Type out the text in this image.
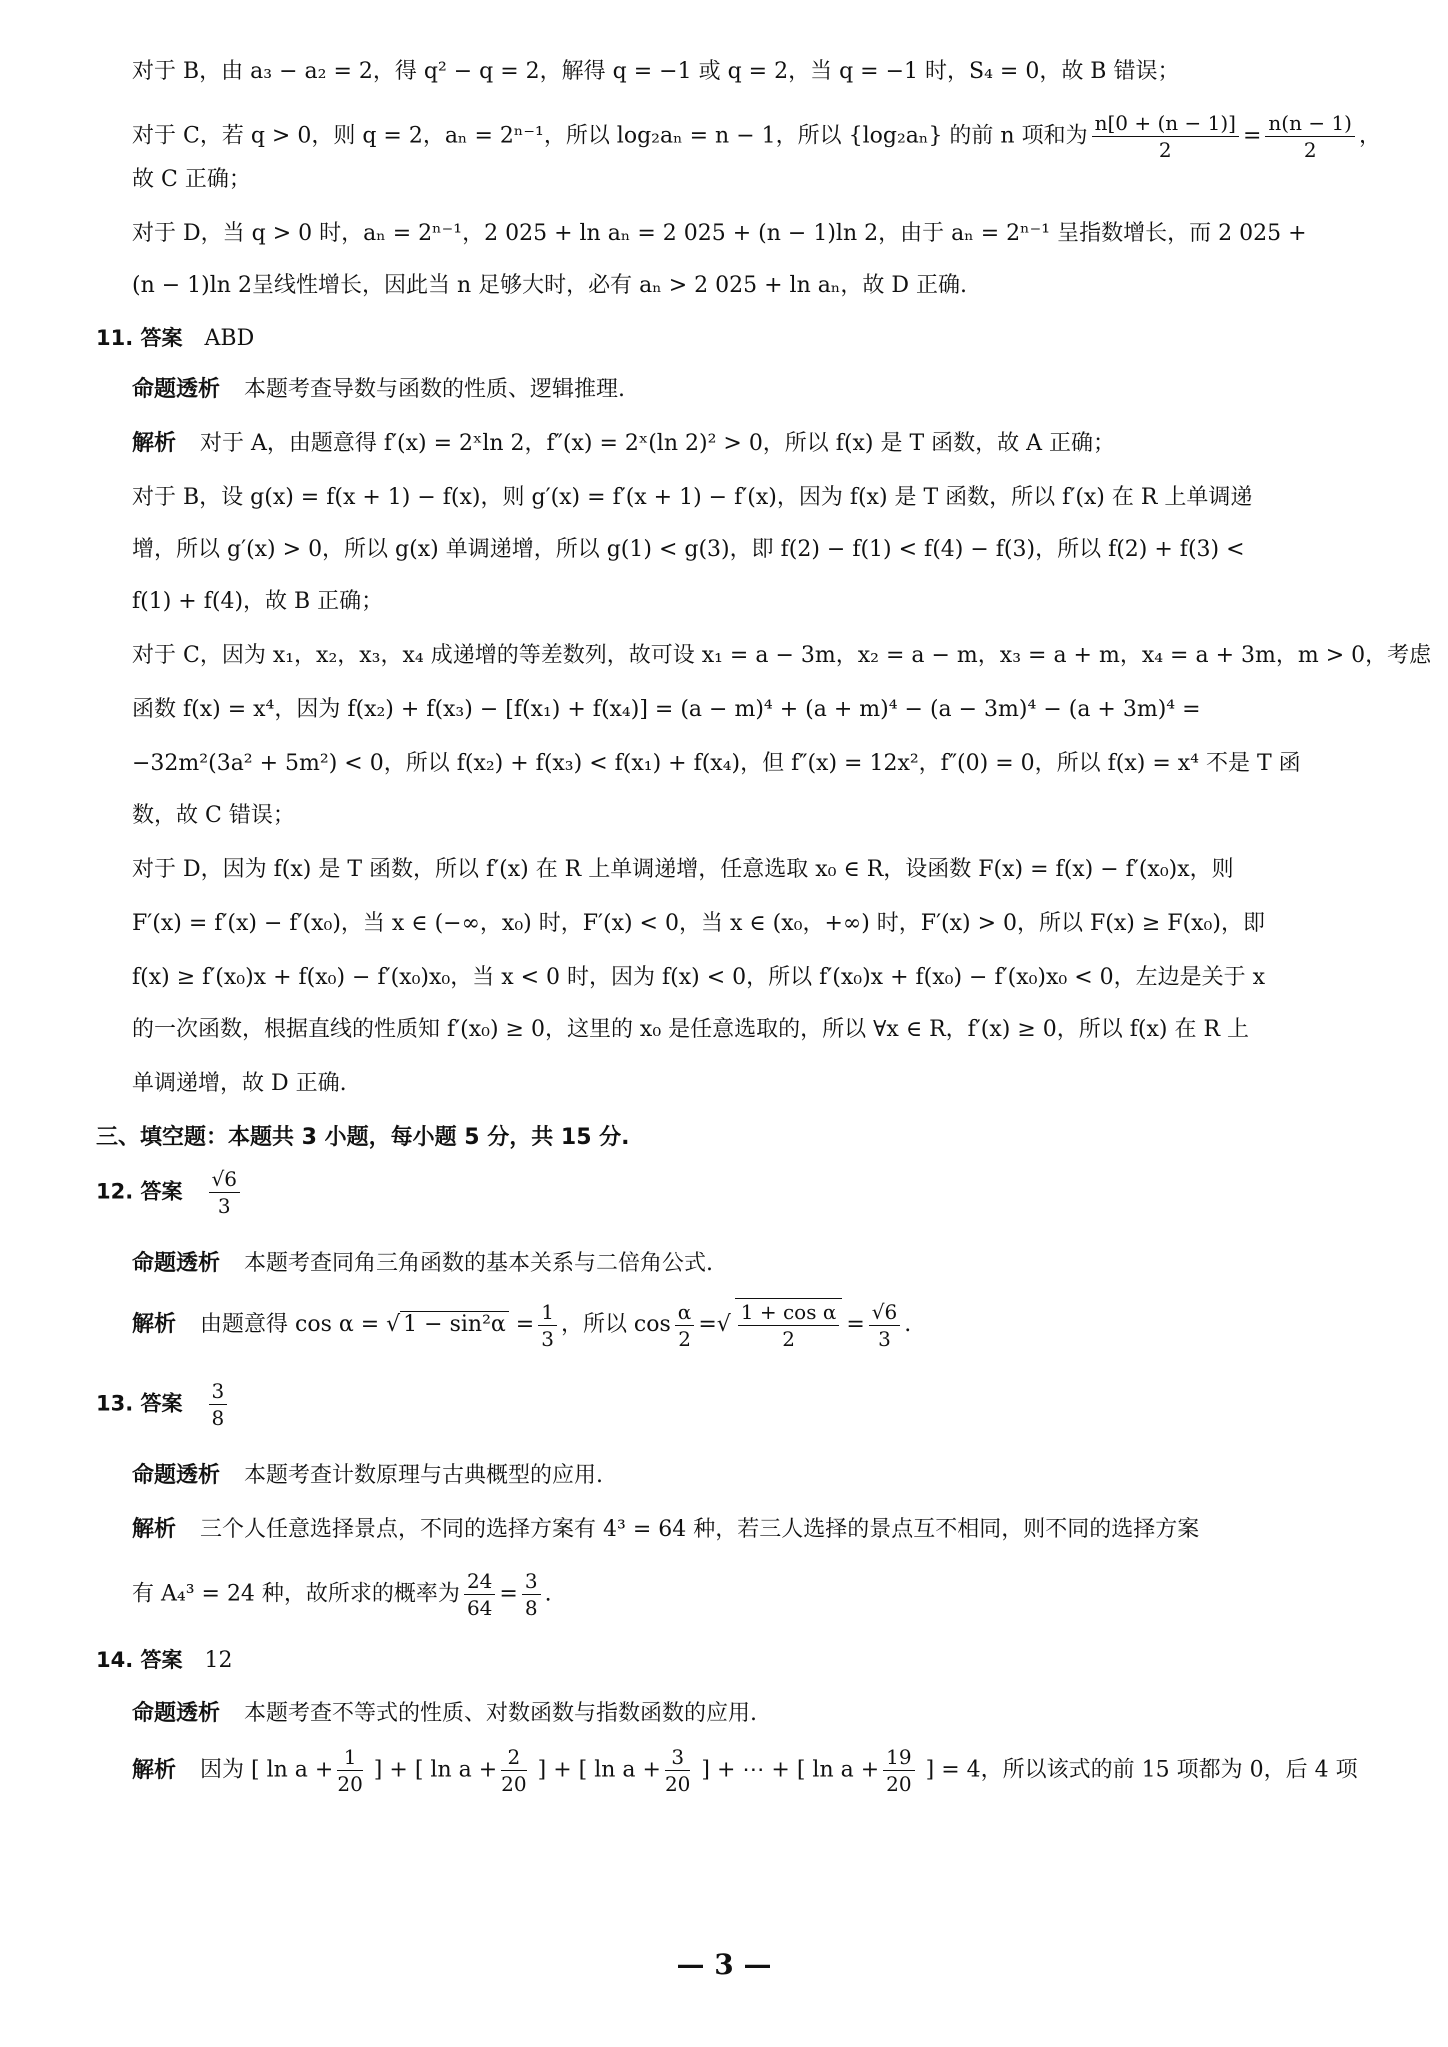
对于 B，由 a₃ − a₂ = 2，得 q² − q = 2，解得 q = −1 或 q = 2，当 q = −1 时，S₄ = 0，故 B 错误；
对于 C，若 q > 0，则 q = 2，aₙ = 2ⁿ⁻¹，所以 log₂aₙ = n − 1，所以 {log₂aₙ} 的前 n 项和为 $\frac{n[0 + (n - 1)]}{2} = \frac{n(n - 1)}{2}$ ，
故 C 正确；
对于 D，当 q > 0 时，aₙ = 2ⁿ⁻¹，2 025 + ln aₙ = 2 025 + (n − 1)ln 2，由于 aₙ = 2ⁿ⁻¹ 呈指数增长，而 2 025 +
(n − 1)ln 2呈线性增长，因此当 n 足够大时，必有 aₙ > 2 025 + ln aₙ，故 D 正确.
11. 答案 ABD
命题透析 本题考查导数与函数的性质、逻辑推理.
解析 对于 A，由题意得 f′(x) = 2ˣln 2，f″(x) = 2ˣ(ln 2)² > 0，所以 f(x) 是 T 函数，故 A 正确；
对于 B，设 g(x) = f(x + 1) − f(x)，则 g′(x) = f′(x + 1) − f′(x)，因为 f(x) 是 T 函数，所以 f′(x) 在 R 上单调递
增，所以 g′(x) > 0，所以 g(x) 单调递增，所以 g(1) < g(3)，即 f(2) − f(1) < f(4) − f(3)，所以 f(2) + f(3) <
f(1) + f(4)，故 B 正确；
对于 C，因为 x₁，x₂，x₃，x₄ 成递增的等差数列，故可设 x₁ = a − 3m，x₂ = a − m，x₃ = a + m，x₄ = a + 3m，m > 0，考虑
函数 f(x) = x⁴，因为 f(x₂) + f(x₃) − [f(x₁) + f(x₄)] = (a − m)⁴ + (a + m)⁴ − (a − 3m)⁴ − (a + 3m)⁴ =
−32m²(3a² + 5m²) < 0，所以 f(x₂) + f(x₃) < f(x₁) + f(x₄)，但 f″(x) = 12x²，f″(0) = 0，所以 f(x) = x⁴ 不是 T 函
数，故 C 错误；
对于 D，因为 f(x) 是 T 函数，所以 f′(x) 在 R 上单调递增，任意选取 x₀ ∈ R，设函数 F(x) = f(x) − f′(x₀)x，则
F′(x) = f′(x) − f′(x₀)，当 x ∈ (−∞，x₀) 时，F′(x) < 0，当 x ∈ (x₀，+∞) 时，F′(x) > 0，所以 F(x) ≥ F(x₀)，即
f(x) ≥ f′(x₀)x + f(x₀) − f′(x₀)x₀，当 x < 0 时，因为 f(x) < 0，所以 f′(x₀)x + f(x₀) − f′(x₀)x₀ < 0，左边是关于 x
的一次函数，根据直线的性质知 f′(x₀) ≥ 0，这里的 x₀ 是任意选取的，所以 ∀x ∈ R，f′(x) ≥ 0，所以 f(x) 在 R 上
单调递增，故 D 正确.
三、填空题：本题共 3 小题，每小题 5 分，共 15 分.
12. 答案 $\frac{√6}{3}$
命题透析 本题考查同角三角函数的基本关系与二倍角公式.
解析 由题意得 cos α = √ $1 - \sin^2\alpha = \frac{1}{3}$ ，所以 $\cos \frac{\alpha}{2}$ =√ $\frac{\text{1 + cos α}}{2} = \frac{√6}{3}$ .
13. 答案 $\frac{3}{8}$
命题透析 本题考查计数原理与古典概型的应用.
解析 三个人任意选择景点，不同的选择方案有 4³ = 64 种，若三人选择的景点互不相同，则不同的选择方案
有 A₄³ = 24 种，故所求的概率为 $\frac{24}{64} = \frac{3}{8}$ .
14. 答案 12
命题透析 本题考查不等式的性质、对数函数与指数函数的应用.
解析 因为 [ $\ln a + \frac{1}{20}$ ] + [ $\ln a + \frac{2}{20}$ ] + [ $\ln a + \frac{3}{20}$ ] + ⋯ + [ $\ln a + \frac{19}{20}$ ] = 4，所以该式的前 15 项都为 0，后 4 项
— 3 —
